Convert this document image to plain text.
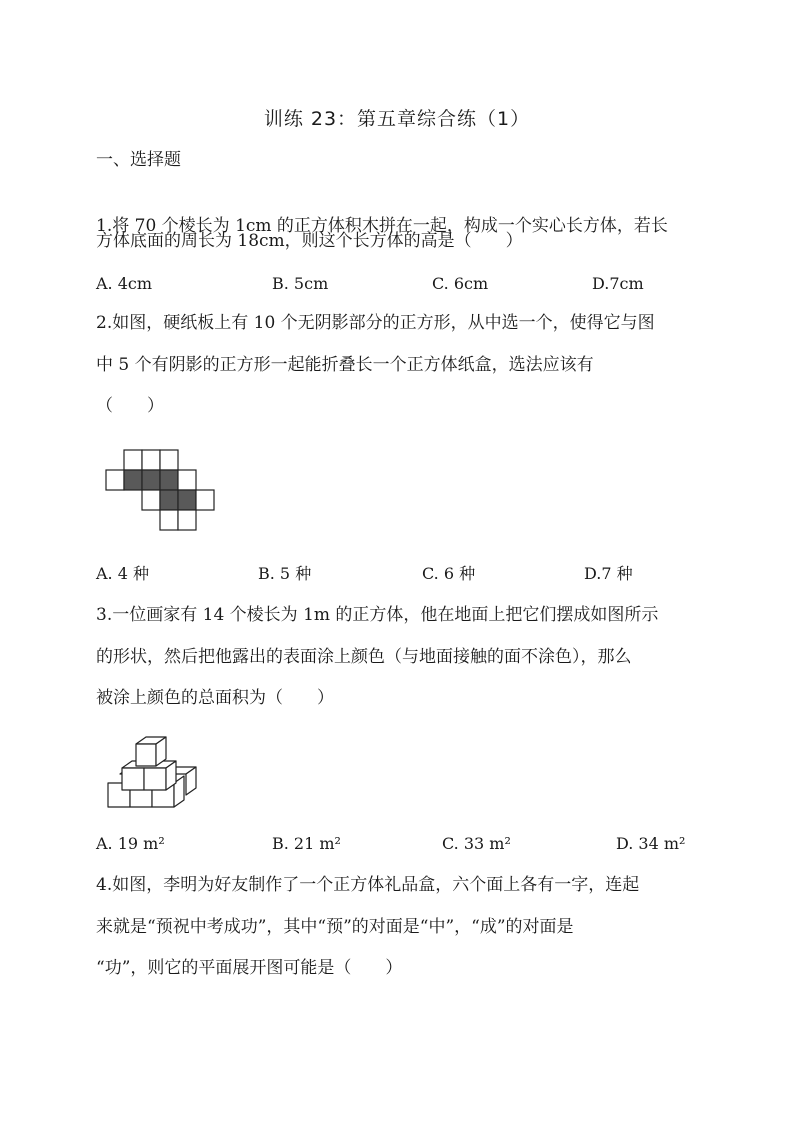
训练 23：第五章综合练（1）
一、选择题
1.将 70 个棱长为 1cm 的正方体积木拼在一起，构成一个实心长方体，若长
方体底面的周长为 18cm，则这个长方体的高是（　　）
A. 4cm	B. 5cm	C. 6cm	D.7cm
2.如图，硬纸板上有 10 个无阴影部分的正方形，从中选一个，使得它与图
中 5 个有阴影的正方形一起能折叠长一个正方体纸盒，选法应该有
（　　）
A. 4 种	B. 5 种	C. 6 种	D.7 种
3.一位画家有 14 个棱长为 1m 的正方体，他在地面上把它们摆成如图所示
的形状，然后把他露出的表面涂上颜色（与地面接触的面不涂色），那么
被涂上颜色的总面积为（　　）
A. 19 m²	B. 21 m²	C. 33 m²	D. 34 m²
4.如图，李明为好友制作了一个正方体礼品盒，六个面上各有一字，连起
来就是“预祝中考成功”，其中“预”的对面是“中”，“成”的对面是
“功”，则它的平面展开图可能是（　　）
